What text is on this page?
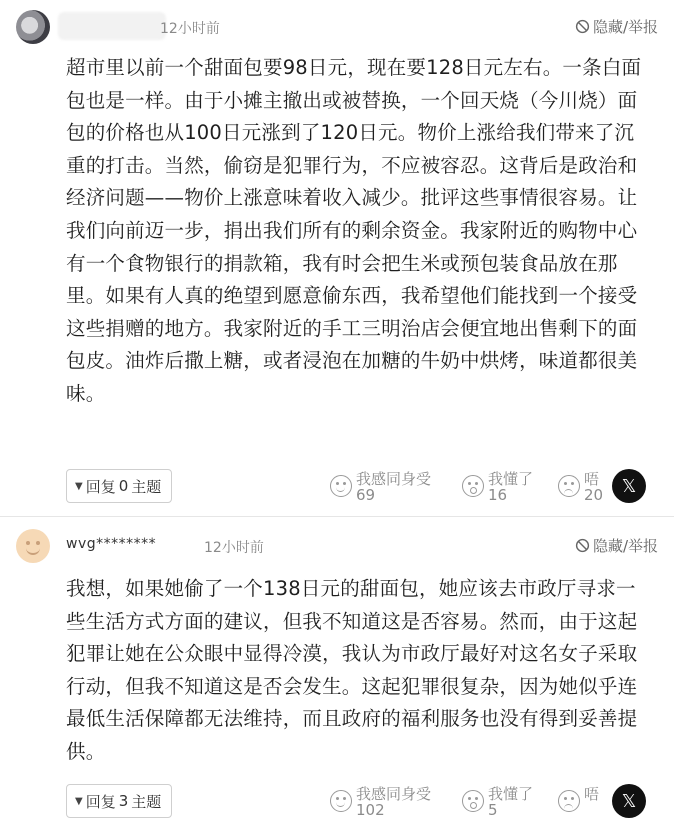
12小时前	隐藏/举报
超市里以前一个甜面包要98日元，现在要128日元左右。一条白面包也是一样。由于小摊主撤出或被替换，一个回天烧（今川烧）面包的价格也从100日元涨到了120日元。物价上涨给我们带来了沉重的打击。当然，偷窃是犯罪行为，不应被容忍。这背后是政治和经济问题——物价上涨意味着收入减少。批评这些事情很容易。让我们向前迈一步，捐出我们所有的剩余资金。我家附近的购物中心有一个食物银行的捐款箱，我有时会把生米或预包装食品放在那里。如果有人真的绝望到愿意偷东西，我希望他们能找到一个接受这些捐赠的地方。我家附近的手工三明治店会便宜地出售剩下的面包皮。油炸后撒上糖，或者浸泡在加糖的牛奶中烘烤，味道都很美味。
▼ 回复 0 主题	我感同身受
69
我懂了
16
唔
20	𝕏
wvg********	12小时前	隐藏/举报
我想，如果她偷了一个138日元的甜面包，她应该去市政厅寻求一些生活方式方面的建议，但我不知道这是否容易。然而，由于这起犯罪让她在公众眼中显得冷漠，我认为市政厅最好对这名女子采取行动，但我不知道这是否会发生。这起犯罪很复杂，因为她似乎连最低生活保障都无法维持，而且政府的福利服务也没有得到妥善提供。
▼ 回复 3 主题	我感同身受
102
我懂了
5
唔	𝕏
